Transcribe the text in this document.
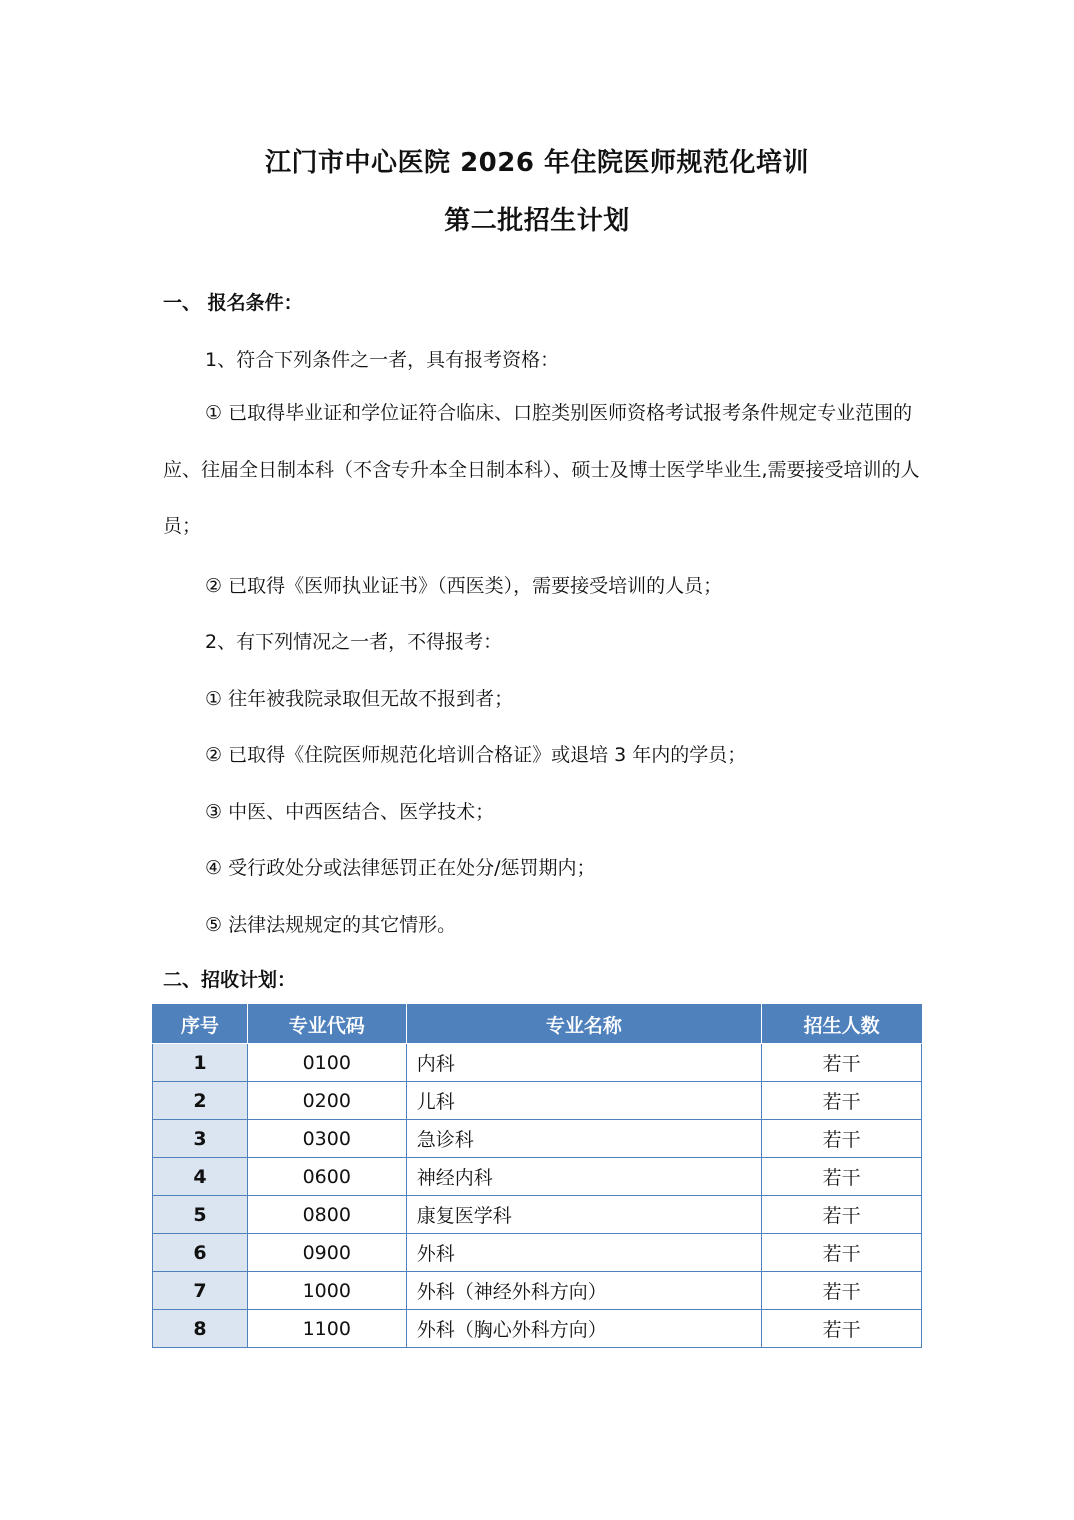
江门市中心医院 2026 年住院医师规范化培训
第二批招生计划
一、 报名条件：
1、符合下列条件之一者，具有报考资格：
① 已取得毕业证和学位证符合临床、口腔类别医师资格考试报考条件规定专业范围的应、往届全日制本科（不含专升本全日制本科）、硕士及博士医学毕业生,需要接受培训的人员；
② 已取得《医师执业证书》（西医类），需要接受培训的人员；
2、有下列情况之一者，不得报考：
① 往年被我院录取但无故不报到者；
② 已取得《住院医师规范化培训合格证》或退培 3 年内的学员；
③ 中医、中西医结合、医学技术；
④ 受行政处分或法律惩罚正在处分/惩罚期内；
⑤ 法律法规规定的其它情形。
二、招收计划：
序号	专业代码	专业名称	招生人数
1	0100	内科	若干
2	0200	儿科	若干
3	0300	急诊科	若干
4	0600	神经内科	若干
5	0800	康复医学科	若干
6	0900	外科	若干
7	1000	外科（神经外科方向）	若干
8	1100	外科（胸心外科方向）	若干
